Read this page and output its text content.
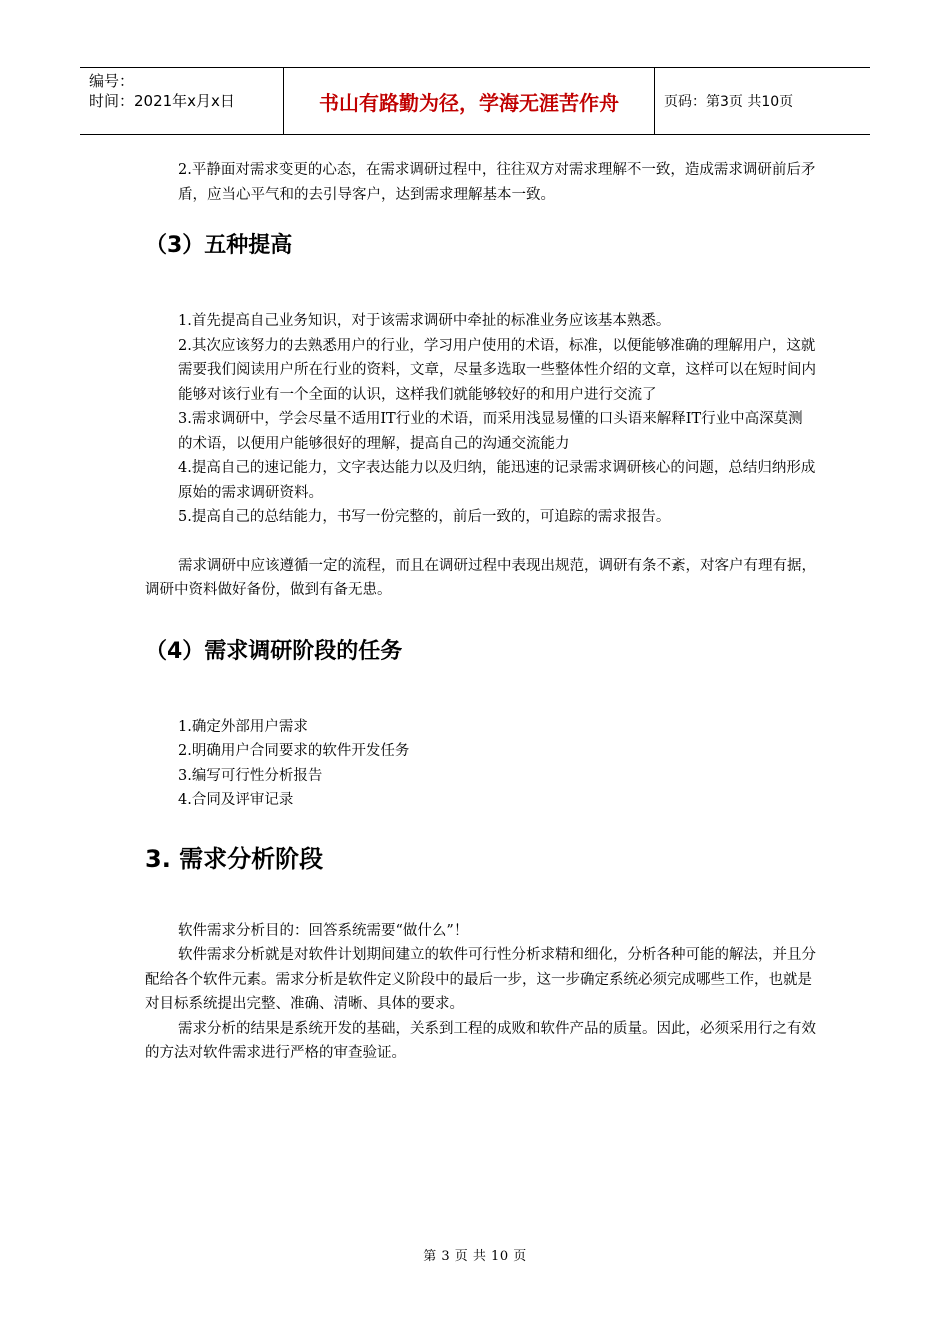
编号：
时间：2021年x月x日	书山有路勤为径，学海无涯苦作舟	页码：第3页 共10页

2.平静面对需求变更的心态，在需求调研过程中，往往双方对需求理解不一致，造成需求调研前后矛盾，应当心平气和的去引导客户，达到需求理解基本一致。

（3）五种提高

1.首先提高自己业务知识，对于该需求调研中牵扯的标准业务应该基本熟悉。

2.其次应该努力的去熟悉用户的行业，学习用户使用的术语，标准，以便能够准确的理解用户，这就需要我们阅读用户所在行业的资料，文章，尽量多选取一些整体性介绍的文章，这样可以在短时间内能够对该行业有一个全面的认识，这样我们就能够较好的和用户进行交流了

3.需求调研中，学会尽量不适用IT行业的术语，而采用浅显易懂的口头语来解释IT行业中高深莫测的术语，以便用户能够很好的理解，提高自己的沟通交流能力

4.提高自己的速记能力，文字表达能力以及归纳，能迅速的记录需求调研核心的问题，总结归纳形成原始的需求调研资料。

5.提高自己的总结能力，书写一份完整的，前后一致的，可追踪的需求报告。

需求调研中应该遵循一定的流程，而且在调研过程中表现出规范，调研有条不紊，对客户有理有据，调研中资料做好备份，做到有备无患。

（4）需求调研阶段的任务

1.确定外部用户需求

2.明确用户合同要求的软件开发任务

3.编写可行性分析报告

4.合同及评审记录

3. 需求分析阶段

软件需求分析目的：回答系统需要“做什么”！

软件需求分析就是对软件计划期间建立的软件可行性分析求精和细化，分析各种可能的解法，并且分配给各个软件元素。需求分析是软件定义阶段中的最后一步，这一步确定系统必须完成哪些工作，也就是对目标系统提出完整、准确、清晰、具体的要求。

需求分析的结果是系统开发的基础，关系到工程的成败和软件产品的质量。因此，必须采用行之有效的方法对软件需求进行严格的审查验证。

第 3 页 共 10 页
